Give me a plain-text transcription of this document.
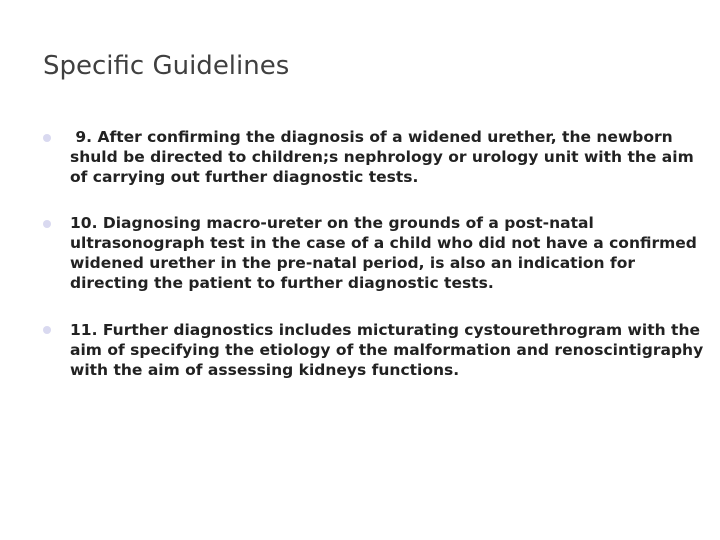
Specific Guidelines

9. After confirming the diagnosis of a widened urether, the newborn
shuld be directed to children;s nephrology or urology unit with the aim
of carrying out further diagnostic tests.

10. Diagnosing macro-ureter on the grounds of a post-natal
ultrasonograph test in the case of a child who did not have a confirmed
widened urether in the pre-natal period, is also an indication for
directing the patient to further diagnostic tests.

11. Further diagnostics includes micturating cystourethrogram with the
aim of specifying the etiology of the malformation and renoscintigraphy
with the aim of assessing kidneys functions.
